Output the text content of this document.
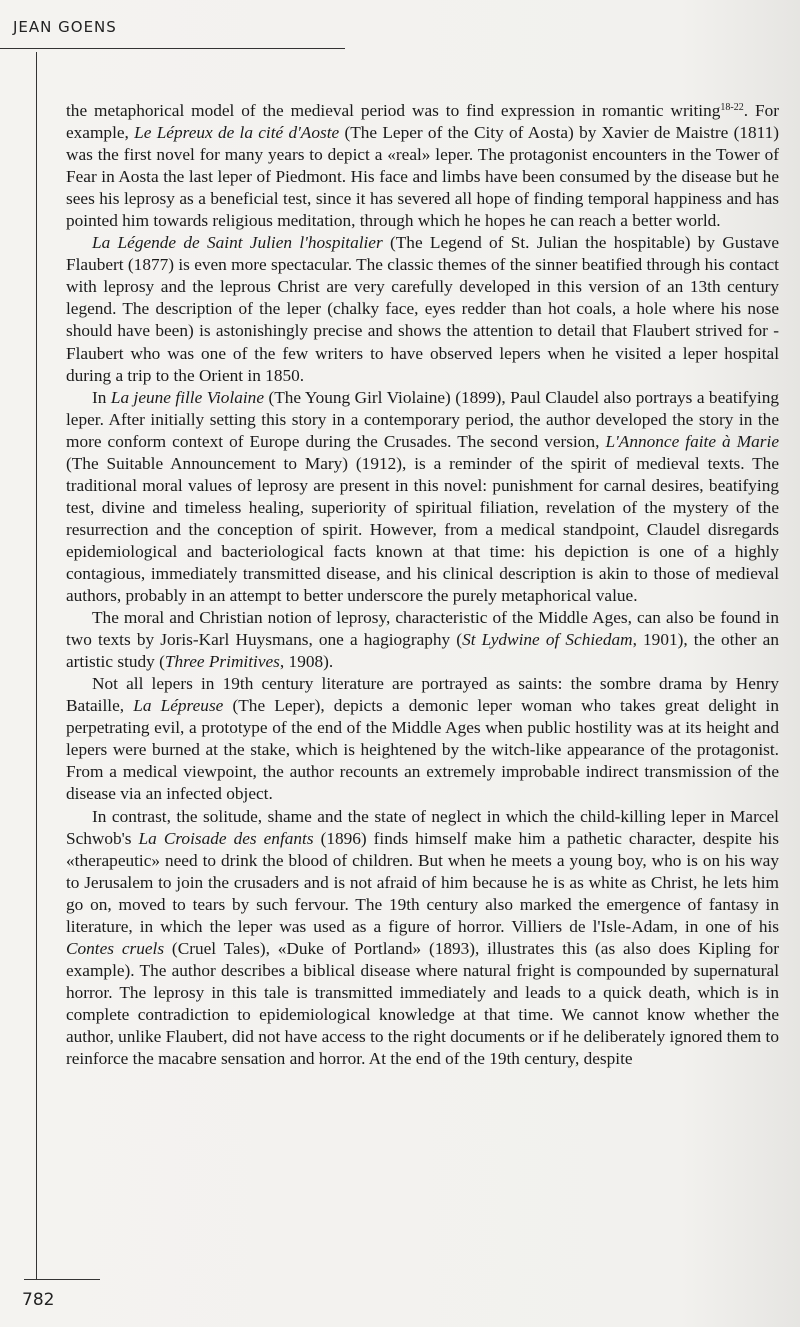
JEAN GOENS

the metaphorical model of the medieval period was to find expression in romantic writing$^{18-22}$. For example, Le Lépreux de la cité d'Aoste (The Leper of the City of Aosta) by Xavier de Maistre (1811) was the first novel for many years to depict a «real» leper. The protagonist encounters in the Tower of Fear in Aosta the last leper of Piedmont. His face and limbs have been consumed by the disease but he sees his leprosy as a beneficial test, since it has severed all hope of finding temporal happiness and has pointed him towards religious meditation, through which he hopes he can reach a better world.

La Légende de Saint Julien l'hospitalier (The Legend of St. Julian the hospitable) by Gustave Flaubert (1877) is even more spectacular. The classic themes of the sinner beatified through his contact with leprosy and the leprous Christ are very carefully developed in this version of an 13th century legend. The description of the leper (chalky face, eyes redder than hot coals, a hole where his nose should have been) is astonishingly precise and shows the attention to detail that Flaubert strived for - Flaubert who was one of the few writers to have observed lepers when he visited a leper hospital during a trip to the Orient in 1850.

In La jeune fille Violaine (The Young Girl Violaine) (1899), Paul Claudel also portrays a beatifying leper. After initially setting this story in a contemporary period, the author developed the story in the more conform context of Europe during the Crusades. The second version, L'Annonce faite à Marie (The Suitable Announcement to Mary) (1912), is a reminder of the spirit of medieval texts. The traditional moral values of leprosy are present in this novel: punishment for carnal desires, beatifying test, divine and timeless healing, superiority of spiritual filiation, revelation of the mystery of the resurrection and the conception of spirit. However, from a medical standpoint, Claudel disregards epidemiological and bacteriological facts known at that time: his depiction is one of a highly contagious, immediately transmitted disease, and his clinical description is akin to those of medieval authors, probably in an attempt to better underscore the purely metaphorical value.

The moral and Christian notion of leprosy, characteristic of the Middle Ages, can also be found in two texts by Joris-Karl Huysmans, one a hagiography (St Lydwine of Schiedam, 1901), the other an artistic study (Three Primitives, 1908).

Not all lepers in 19th century literature are portrayed as saints: the sombre drama by Henry Bataille, La Lépreuse (The Leper), depicts a demonic leper woman who takes great delight in perpetrating evil, a prototype of the end of the Middle Ages when public hostility was at its height and lepers were burned at the stake, which is heightened by the witch-like appearance of the protagonist. From a medical viewpoint, the author recounts an extremely improbable indirect transmission of the disease via an infected object.

In contrast, the solitude, shame and the state of neglect in which the child-killing leper in Marcel Schwob's La Croisade des enfants (1896) finds himself make him a pathetic character, despite his «therapeutic» need to drink the blood of children. But when he meets a young boy, who is on his way to Jerusalem to join the crusaders and is not afraid of him because he is as white as Christ, he lets him go on, moved to tears by such fervour. The 19th century also marked the emergence of fantasy in literature, in which the leper was used as a figure of horror. Villiers de l'Isle-Adam, in one of his Contes cruels (Cruel Tales), «Duke of Portland» (1893), illustrates this (as also does Kipling for example). The author describes a biblical disease where natural fright is compounded by supernatural horror. The leprosy in this tale is transmitted immediately and leads to a quick death, which is in complete contradiction to epidemiological knowledge at that time. We cannot know whether the author, unlike Flaubert, did not have access to the right documents or if he deliberately ignored them to reinforce the macabre sensation and horror. At the end of the 19th century, despite

782
